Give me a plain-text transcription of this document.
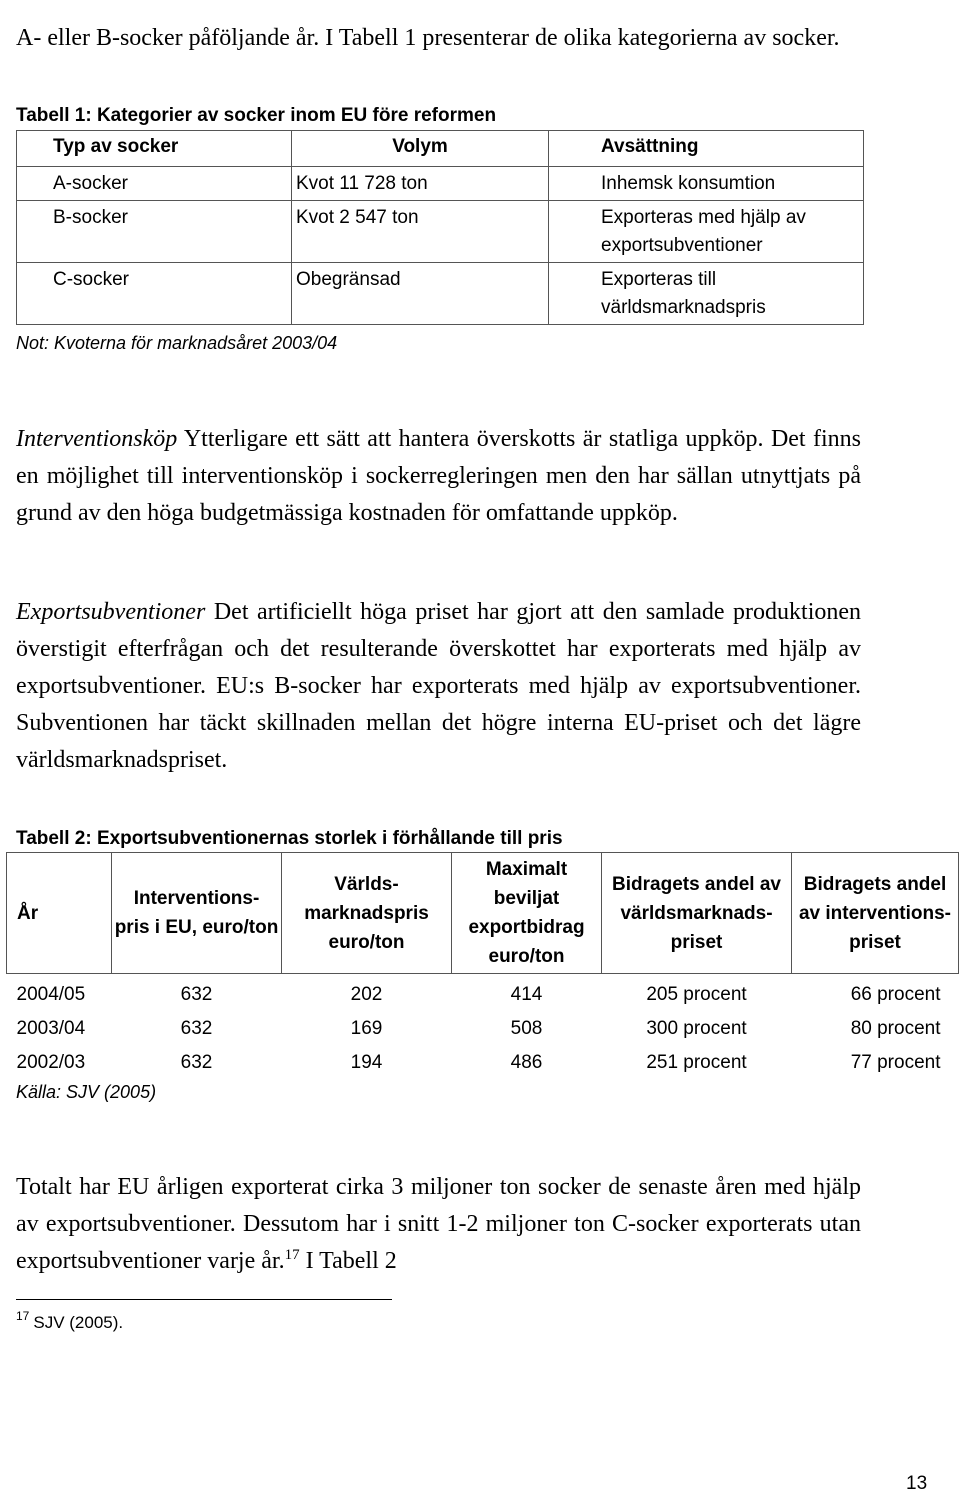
A- eller B-socker påföljande år. I Tabell 1 presenterar de olika kategorierna av socker.

Tabell 1: Kategorier av socker inom EU före reformen
Typ av socker	Volym	Avsättning
A-socker	Kvot 11 728 ton	Inhemsk konsumtion
B-socker	Kvot 2 547 ton	Exporteras med hjälp av exportsubventioner
C-socker	Obegränsad	Exporteras till världsmarknadspris
Not: Kvoterna för marknadsåret 2003/04

Interventionsköp Ytterligare ett sätt att hantera överskotts är statliga uppköp. Det finns en möjlighet till interventionsköp i sockerregleringen men den har sällan utnyttjats på grund av den höga budgetmässiga kostnaden för omfattande uppköp.

Exportsubventioner Det artificiellt höga priset har gjort att den samlade produktionen överstigit efterfrågan och det resulterande överskottet har exporterats med hjälp av exportsubventioner. EU:s B-socker har exporterats med hjälp av exportsubventioner. Subventionen har täckt skillnaden mellan det högre interna EU-priset och det lägre världsmarknadspriset.

Tabell 2: Exportsubventionernas storlek i förhållande till pris
År	Interventions- pris i EU, euro/ton	Världs- marknadspris euro/ton	Maximalt beviljat exportbidrag euro/ton	Bidragets andel av världsmarknads- priset	Bidragets andel av interventions- priset
2004/05	632	202	414	205 procent	66 procent
2003/04	632	169	508	300 procent	80 procent
2002/03	632	194	486	251 procent	77 procent
Källa: SJV (2005)

Totalt har EU årligen exporterat cirka 3 miljoner ton socker de senaste åren med hjälp av exportsubventioner. Dessutom har i snitt 1-2 miljoner ton C-socker exporterats utan exportsubventioner varje år.$^{17}$ I Tabell 2

$^{17}$ SJV (2005).
13
